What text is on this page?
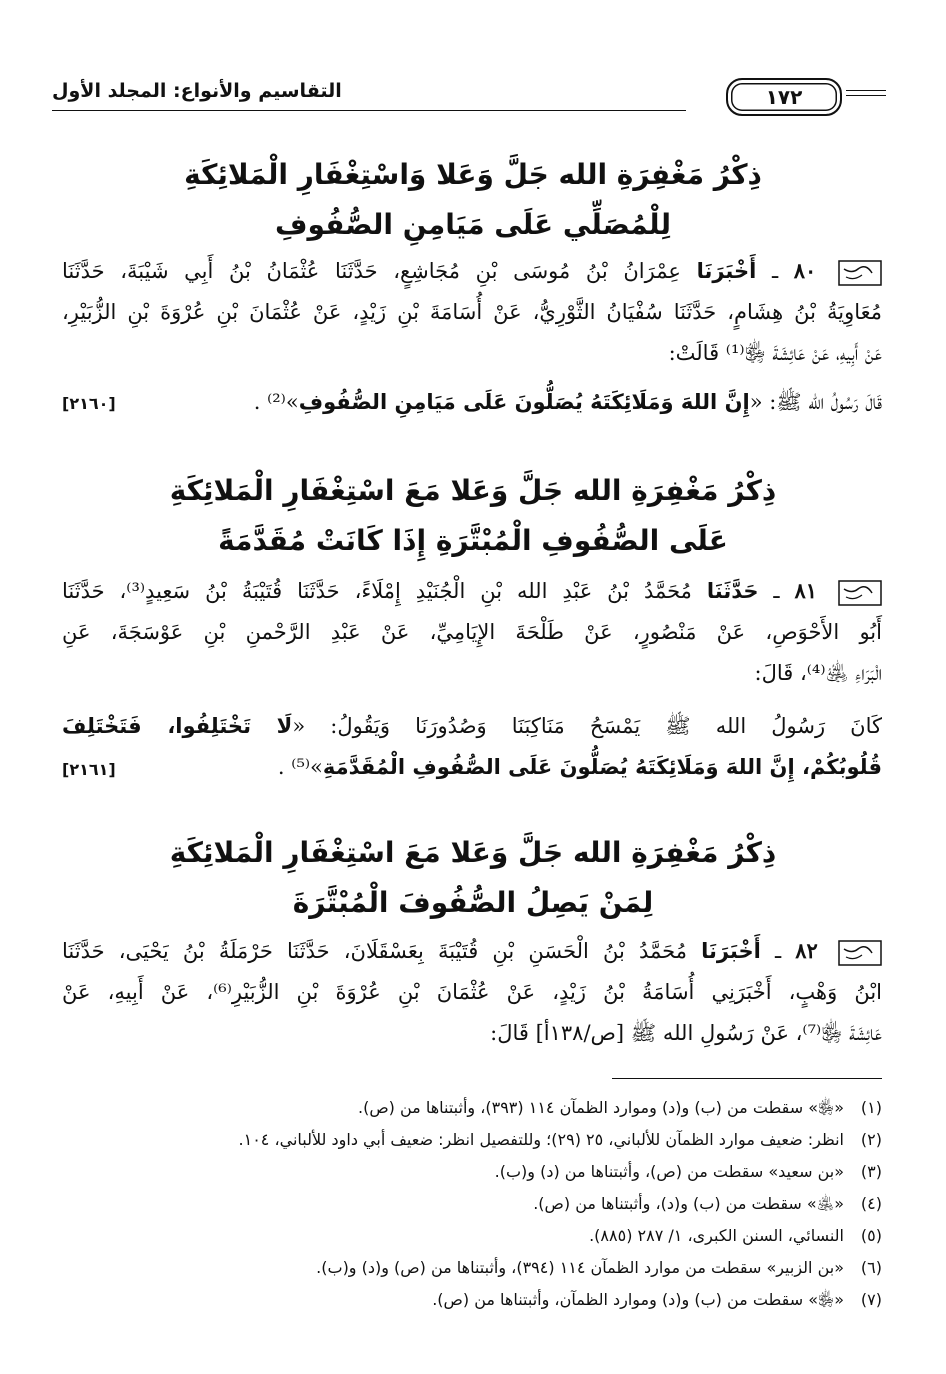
التقاسيم والأنواع: المجلد الأول	١٧٢
ذِكْرُ مَغْفِرَةِ الله جَلَّ وَعَلا وَاسْتِغْفَارِ الْمَلائِكَةِ
لِلْمُصَلِّي عَلَى مَيَامِنِ الصُّفُوفِ
٨٠ ـ أَخْبَرَنَا عِمْرَانُ بْنُ مُوسَى بْنِ مُجَاشِعٍ، حَدَّثَنَا عُثْمَانُ بْنُ أَبِي شَيْبَةَ، حَدَّثَنَا
مُعَاوِيَةُ بْنُ هِشَامٍ، حَدَّثَنَا سُفْيَانُ الثَّوْرِيُّ، عَنْ أُسَامَةَ بْنِ زَيْدٍ، عَنْ عُثْمَانَ بْنِ عُرْوَةَ بْنِ الزُّبَيْرِ،
عَنْ أَبِيهِ، عَنْ عَائِشَةَ ﵂⁽¹⁾ قَالَتْ:
قَالَ رَسُولُ الله ﷺ: «إِنَّ اللهَ وَمَلَائِكَتَهُ يُصَلُّونَ عَلَى مَيَامِنِ الصُّفُوفِ»⁽²⁾ .
[٢١٦٠]
ذِكْرُ مَغْفِرَةِ الله جَلَّ وَعَلا مَعَ اسْتِغْفَارِ الْمَلائِكَةِ
عَلَى الصُّفُوفِ الْمُبْتَّرَةِ إِذَا كَانَتْ مُقَدَّمَةً
٨١ ـ حَدَّثَنَا مُحَمَّدُ بْنُ عَبْدِ الله بْنِ الْجُنَيْدِ إِمْلَاءً، حَدَّثَنَا قُتَيْبَةُ بْنُ سَعِيدٍ⁽³⁾، حَدَّثَنَا
أَبُو الأَحْوَصِ، عَنْ مَنْصُورٍ، عَنْ طَلْحَةَ الإِيَامِيِّ، عَنْ عَبْدِ الرَّحْمنِ بْنِ عَوْسَجَةَ، عَنِ
الْبَرَاءِ ﵁⁽⁴⁾، قَالَ:
كَانَ رَسُولُ الله ﷺ يَمْسَحُ مَنَاكِبَنَا وَصُدُورَنَا وَيَقُولُ: «لَا تَخْتَلِفُوا، فَتَخْتَلِفَ
قُلُوبُكُمْ، إِنَّ اللهَ وَمَلَائِكَتَهُ يُصَلُّونَ عَلَى الصُّفُوفِ الْمُقَدَّمَةِ»⁽⁵⁾ .
[٢١٦١]
ذِكْرُ مَغْفِرَةِ الله جَلَّ وَعَلا مَعَ اسْتِغْفَارِ الْمَلائِكَةِ
لِمَنْ يَصِلُ الصُّفُوفَ الْمُبْتَّرَةَ
٨٢ ـ أَخْبَرَنَا مُحَمَّدُ بْنُ الْحَسَنِ بْنِ قُتَيْبَةَ بِعَسْقَلَانَ، حَدَّثَنَا حَرْمَلَةُ بْنُ يَحْيَى، حَدَّثَنَا
ابْنُ وَهْبٍ، أَخْبَرَنِي أُسَامَةُ بْنُ زَيْدٍ، عَنْ عُثْمَانَ بْنِ عُرْوَةَ بْنِ الزُّبَيْرِ⁽⁶⁾، عَنْ أَبِيهِ، عَنْ
عَائِشَةَ ﵂⁽⁷⁾، عَنْ رَسُولِ الله ﷺ [ص/١٣٨أ] قَالَ:
(١)«﵂» سقطت من (ب) و(د) وموارد الظمآن ١١٤ (٣٩٣)، وأثبتناها من (ص).
(٢)انظر: ضعيف موارد الظمآن للألباني، ٢٥ (٢٩)؛ وللتفصيل انظر: ضعيف أبي داود للألباني، ١٠٤.
(٣)«بن سعيد» سقطت من (ص)، وأثبتناها من (د) و(ب).
(٤)«﵁» سقطت من (ب) و(د)، وأثبتناها من (ص).
(٥)النسائي، السنن الكبرى، ١/ ٢٨٧ (٨٨٥).
(٦)«بن الزبير» سقطت من موارد الظمآن ١١٤ (٣٩٤)، وأثبتناها من (ص) و(د) و(ب).
(٧)«﵂» سقطت من (ب) و(د) وموارد الظمآن، وأثبتناها من (ص).
